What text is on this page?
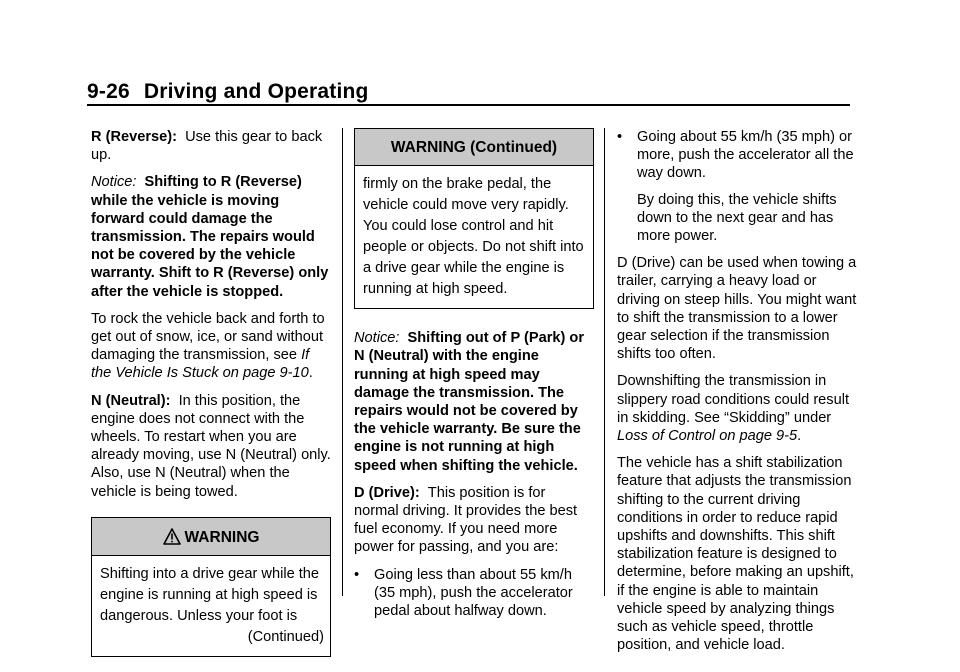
9-26 Driving and Operating

R (Reverse): Use this gear to back up.

Notice: Shifting to R (Reverse) while the vehicle is moving forward could damage the transmission. The repairs would not be covered by the vehicle warranty. Shift to R (Reverse) only after the vehicle is stopped.

To rock the vehicle back and forth to get out of snow, ice, or sand without damaging the transmission, see If the Vehicle Is Stuck on page 9-10.

N (Neutral): In this position, the engine does not connect with the wheels. To restart when you are already moving, use N (Neutral) only. Also, use N (Neutral) when the vehicle is being towed.

WARNING
Shifting into a drive gear while the engine is running at high speed is dangerous. Unless your foot is
(Continued)
WARNING (Continued)
firmly on the brake pedal, the vehicle could move very rapidly. You could lose control and hit people or objects. Do not shift into a drive gear while the engine is running at high speed.

Notice: Shifting out of P (Park) or N (Neutral) with the engine running at high speed may damage the transmission. The repairs would not be covered by the vehicle warranty. Be sure the engine is not running at high speed when shifting the vehicle.

D (Drive): This position is for normal driving. It provides the best fuel economy. If you need more power for passing, and you are:

• Going less than about 55 km/h (35 mph), push the accelerator pedal about halfway down.
• Going about 55 km/h (35 mph) or more, push the accelerator all the way down.

By doing this, the vehicle shifts down to the next gear and has more power.

D (Drive) can be used when towing a trailer, carrying a heavy load or driving on steep hills. You might want to shift the transmission to a lower gear selection if the transmission shifts too often.

Downshifting the transmission in slippery road conditions could result in skidding. See “Skidding” under Loss of Control on page 9-5.

The vehicle has a shift stabilization feature that adjusts the transmission shifting to the current driving conditions in order to reduce rapid upshifts and downshifts. This shift stabilization feature is designed to determine, before making an upshift, if the engine is able to maintain vehicle speed by analyzing things such as vehicle speed, throttle position, and vehicle load.
